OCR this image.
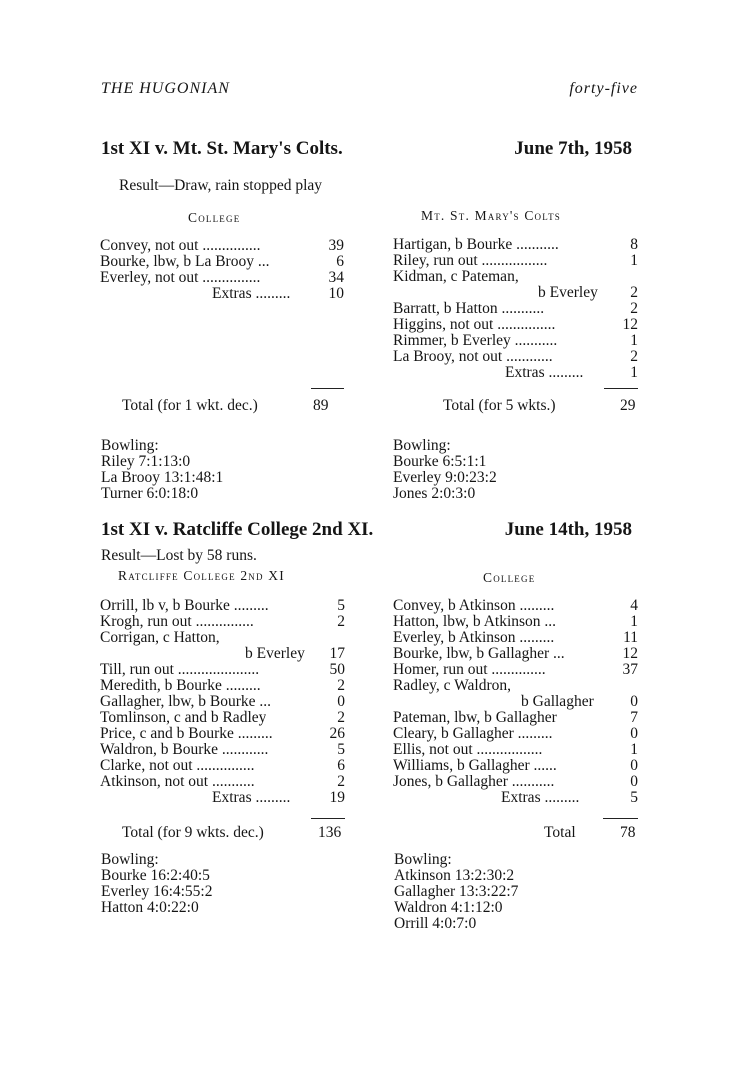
THE HUGONIAN	forty-five
1st XI v. Mt. St. Mary's Colts.	June 7th, 1958
Result—Draw, rain stopped play
College	Mt. St. Mary's Colts
Convey, not out ...............	39
Bourke, lbw, b La Brooy ...	6
Everley, not out ...............	34
Extras ......... 10
Total (for 1 wkt. dec.)	89
Bowling:
Riley 7:1:13:0
La Brooy 13:1:48:1
Turner 6:0:18:0
Hartigan, b Bourke ...........	8
Riley, run out .................	1
Kidman, c Pateman,
b Everley 2
Barratt, b Hatton ...........	2
Higgins, not out ...............	12
Rimmer, b Everley ...........	1
La Brooy, not out ............	2
Extras .........	1
Total (for 5 wkts.)	29
Bowling:
Bourke 6:5:1:1
Everley 9:0:23:2
Jones 2:0:3:0
1st XI v. Ratcliffe College 2nd XI.	June 14th, 1958
Result—Lost by 58 runs.
Ratcliffe College 2nd XI	College
Orrill, lb v, b Bourke .........	5
Krogh, run out ...............	2
Corrigan, c Hatton,
b Everley 17
Till, run out .....................	50
Meredith, b Bourke .........	2
Gallagher, lbw, b Bourke ...	0
Tomlinson, c and b Radley	2
Price, c and b Bourke .........	26
Waldron, b Bourke ............	5
Clarke, not out ...............	6
Atkinson, not out ...........	2
Extras .........	19
Total (for 9 wkts. dec.)	136
Bowling:
Bourke 16:2:40:5
Everley 16:4:55:2
Hatton 4:0:22:0
Convey, b Atkinson .........	4
Hatton, lbw, b Atkinson ...	1
Everley, b Atkinson .........	11
Bourke, lbw, b Gallagher ...	12
Homer, run out ..............	37
Radley, c Waldron,
b Gallagher 0
Pateman, lbw, b Gallagher	7
Cleary, b Gallagher .........	0
Ellis, not out .................	1
Williams, b Gallagher ......	0
Jones, b Gallagher ...........	0
Extras .........	5
Total	78
Bowling:
Atkinson 13:2:30:2
Gallagher 13:3:22:7
Waldron 4:1:12:0
Orrill 4:0:7:0
